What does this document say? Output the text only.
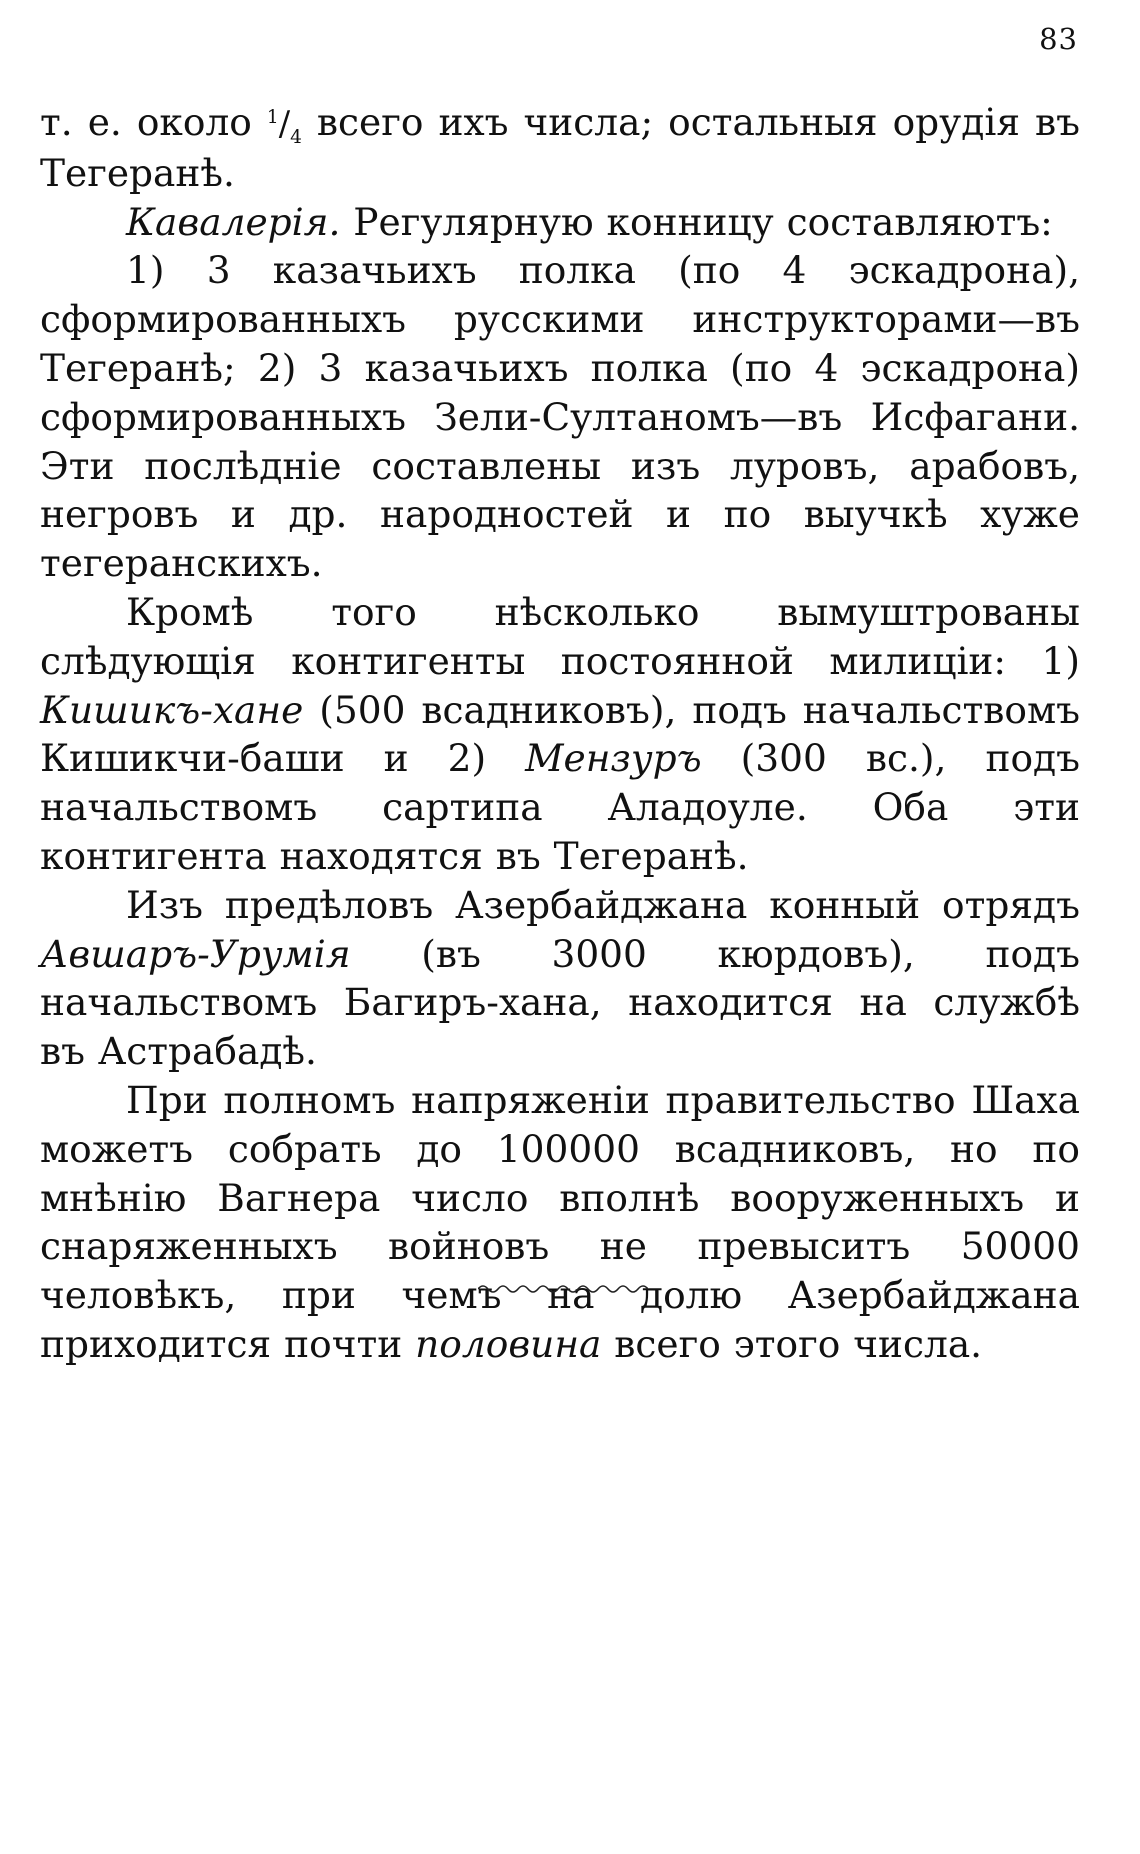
83

т. е. около $^1/_4$ всего ихъ числа; остальныя орудія въ Тегеранѣ.

Кавалерія. Регулярную конницу составляютъ:

1) 3 казачьихъ полка (по 4 эскадрона), сформированныхъ русскими инструкторами—въ Тегеранѣ; 2) 3 казачьихъ полка (по 4 эскадрона) сформированныхъ Зели-Султаномъ—въ Исфагани. Эти послѣдніе составлены изъ луровъ, арабовъ, негровъ и др. народностей и по выучкѣ хуже тегеранскихъ.

Кромѣ того нѣсколько вымуштрованы слѣдующія контигенты постоянной милиціи: 1) Кишикъ-хане (500 всадниковъ), подъ начальствомъ Кишикчи-баши и 2) Мензуръ (300 вс.), подъ начальствомъ сартипа Аладоуле. Оба эти контигента находятся въ Тегеранѣ.

Изъ предѣловъ Азербайджана конный отрядъ Авшаръ-Урумія (въ 3000 кюрдовъ), подъ начальствомъ Багиръ-хана, находится на службѣ въ Астрабадѣ.

При полномъ напряженіи правительство Шаха можетъ собрать до 100000 всадниковъ, но по мнѣнію Вагнера число вполнѣ вооруженныхъ и снаряженныхъ войновъ не превыситъ 50000 человѣкъ, при чемъ на долю Азербайджана приходится почти половина всего этого числа.
